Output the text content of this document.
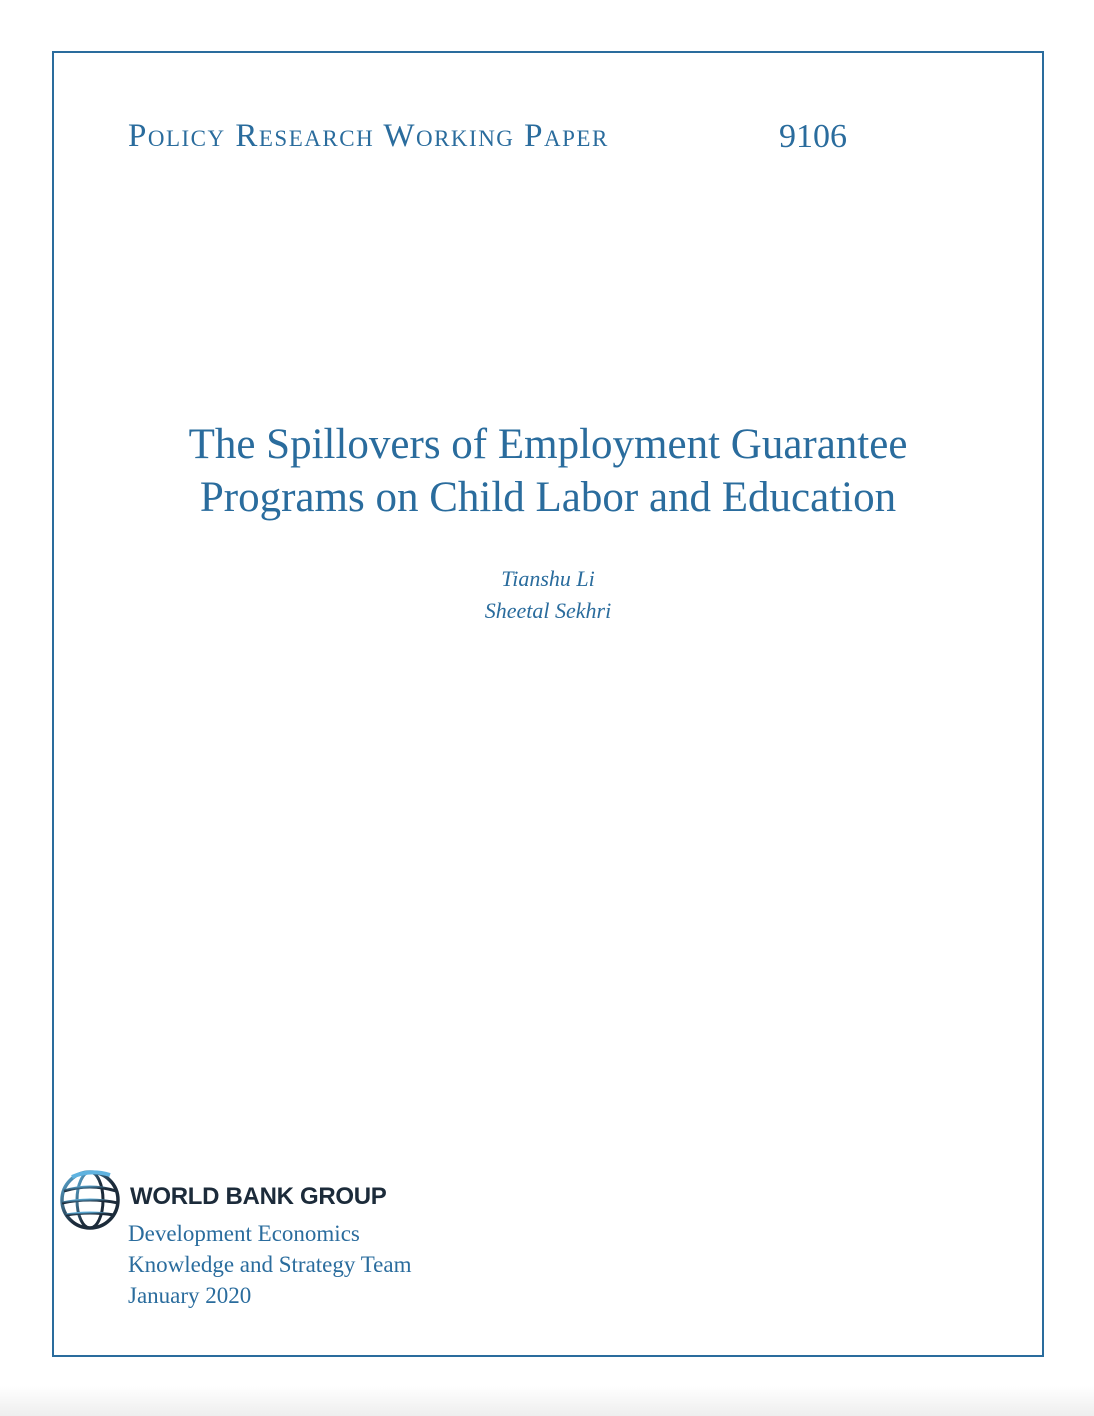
Policy Research Working Paper	9106
The Spillovers of Employment Guarantee
Programs on Child Labor and Education
Tianshu Li
Sheetal Sekhri
WORLD BANK GROUP
Development Economics
Knowledge and Strategy Team
January 2020
